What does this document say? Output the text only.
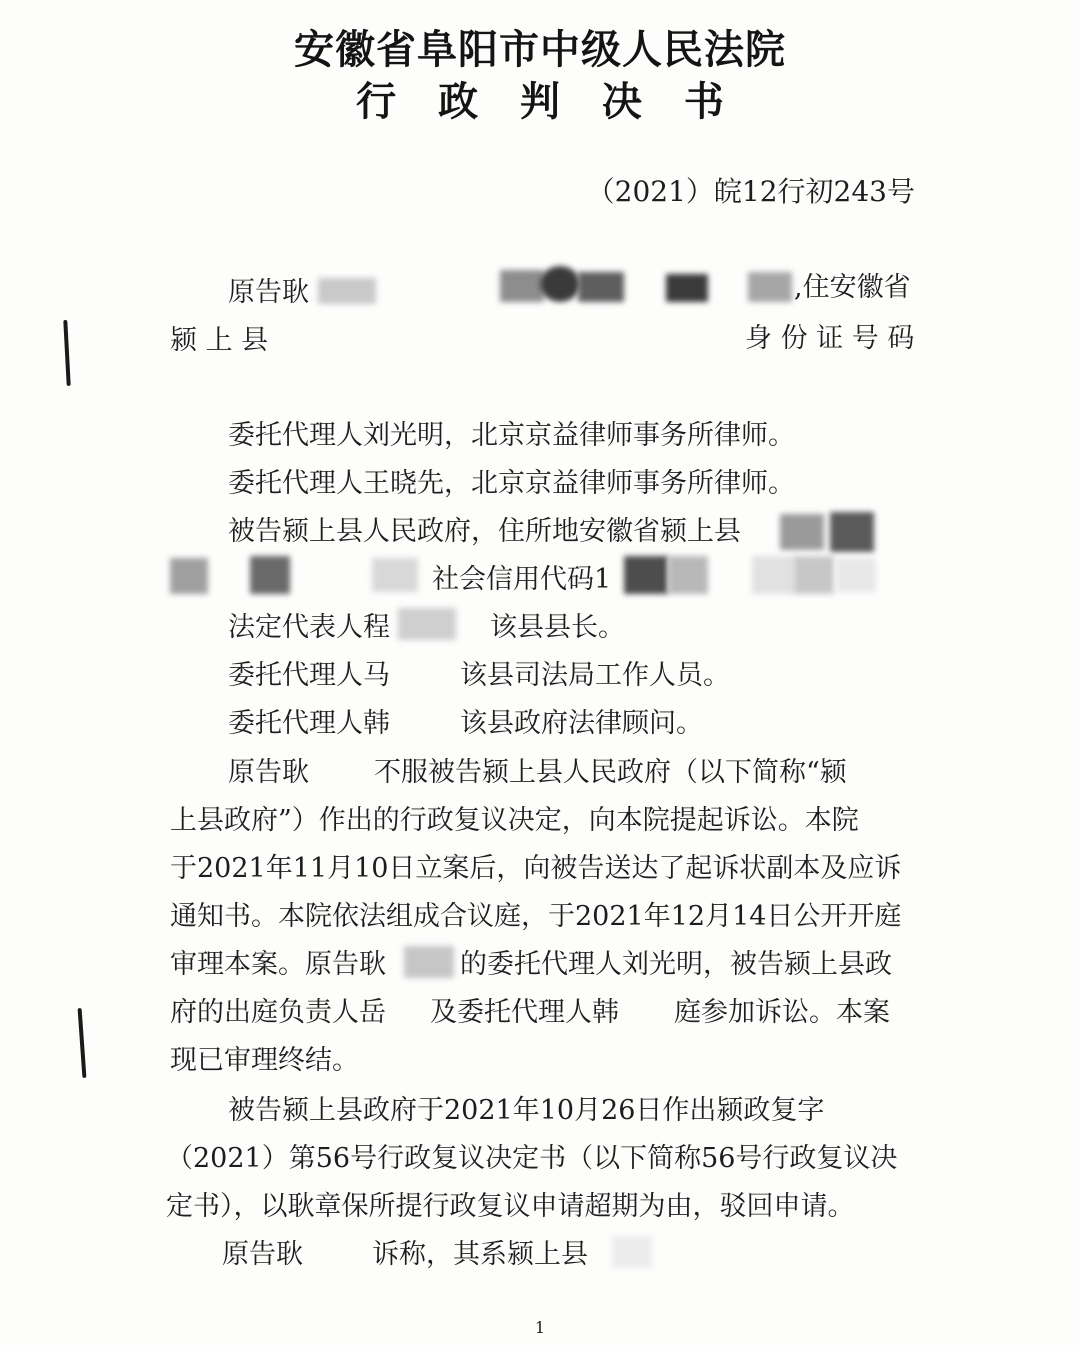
安徽省阜阳市中级人民法院
行 政 判 决 书
（2021）皖12行初243号
原告耿	,住安徽省
颍 上 县	身 份 证 号 码
委托代理人刘光明，北京京益律师事务所律师。
委托代理人王晓先，北京京益律师事务所律师。
被告颍上县人民政府，住所地安徽省颍上县
社会信用代码1
法定代表人程	该县县长。
委托代理人马	该县司法局工作人员。
委托代理人韩	该县政府法律顾问。
原告耿 不服被告颍上县人民政府（以下简称“颍
上县政府”）作出的行政复议决定，向本院提起诉讼。本院
于2021年11月10日立案后，向被告送达了起诉状副本及应诉
通知书。本院依法组成合议庭，于2021年12月14日公开开庭
审理本案。原告耿	的委托代理人刘光明，被告颍上县政
府的出庭负责人岳 及委托代理人韩 庭参加诉讼。本案
现已审理终结。
被告颍上县政府于2021年10月26日作出颍政复字
（2021）第56号行政复议决定书（以下简称56号行政复议决
定书），以耿章保所提行政复议申请超期为由，驳回申请。
原告耿	诉称，其系颍上县
1
